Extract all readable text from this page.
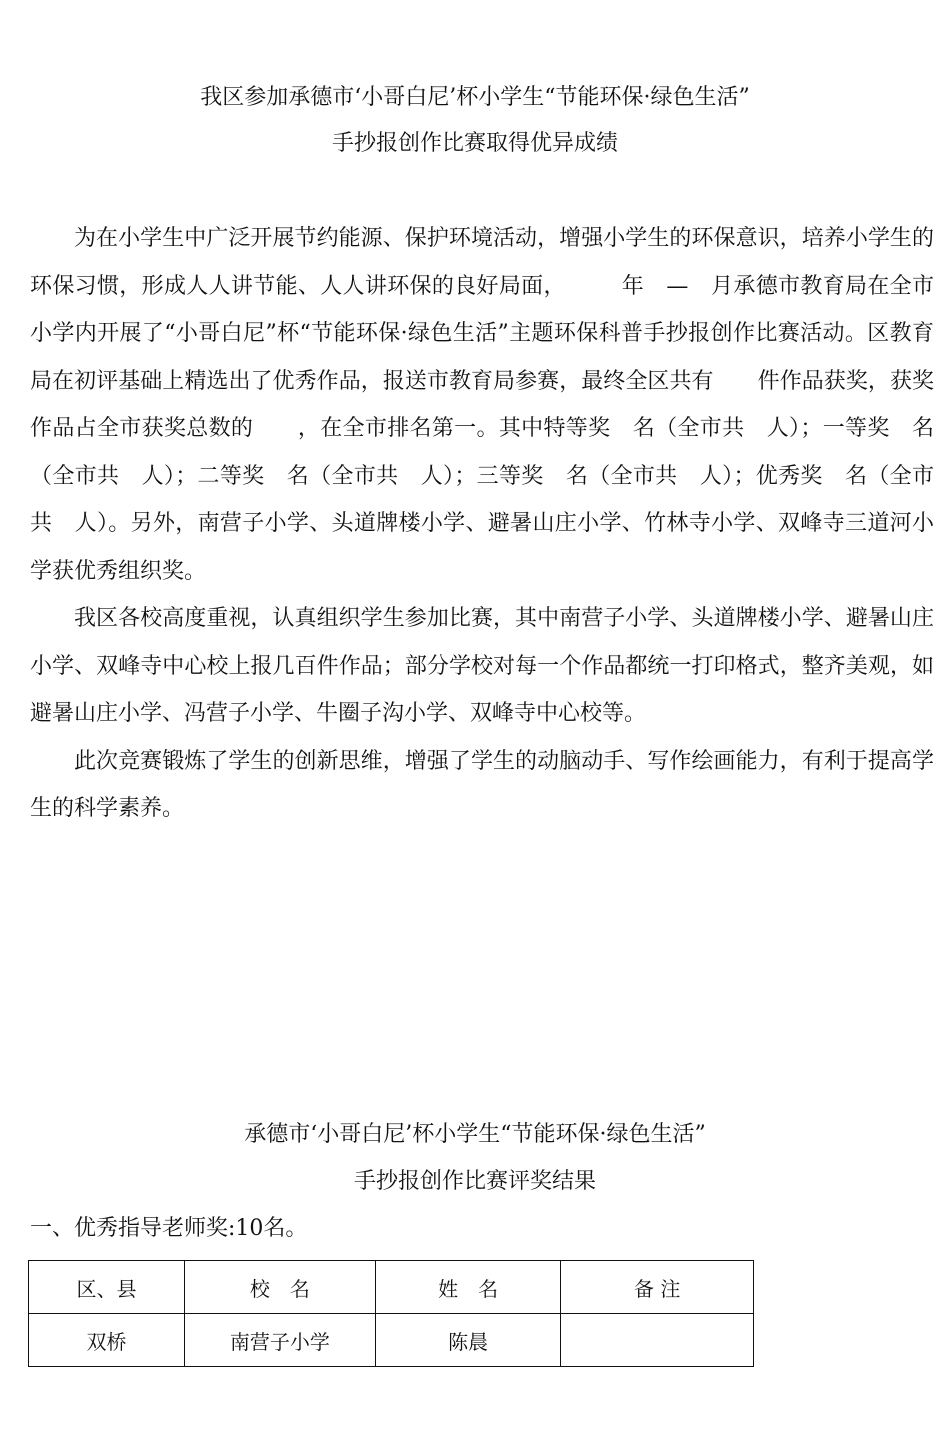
我区参加承德市‘小哥白尼’杯小学生“节能环保·绿色生活”
手抄报创作比赛取得优异成绩

为在小学生中广泛开展节约能源、保护环境活动，增强小学生的环保意识，培养小学生的环保习惯，形成人人讲节能、人人讲环保的良好局面，　　　年　—　月承德市教育局在全市小学内开展了“小哥白尼”杯“节能环保·绿色生活”主题环保科普手抄报创作比赛活动。区教育局在初评基础上精选出了优秀作品，报送市教育局参赛，最终全区共有　　件作品获奖，获奖作品占全市获奖总数的　　，在全市排名第一。其中特等奖　名（全市共　人）；一等奖　名（全市共　人）；二等奖　名（全市共　人）；三等奖　名（全市共　人）；优秀奖　名（全市共　人）。另外，南营子小学、头道牌楼小学、避暑山庄小学、竹林寺小学、双峰寺三道河小学获优秀组织奖。

我区各校高度重视，认真组织学生参加比赛，其中南营子小学、头道牌楼小学、避暑山庄小学、双峰寺中心校上报几百件作品；部分学校对每一个作品都统一打印格式，整齐美观，如避暑山庄小学、冯营子小学、牛圈子沟小学、双峰寺中心校等。

此次竞赛锻炼了学生的创新思维，增强了学生的动脑动手、写作绘画能力，有利于提高学生的科学素养。

承德市‘小哥白尼’杯小学生“节能环保·绿色生活”
手抄报创作比赛评奖结果
一、优秀指导老师奖:10名。
区、县	校　名	姓　名	备 注
双桥	南营子小学	陈晨	
